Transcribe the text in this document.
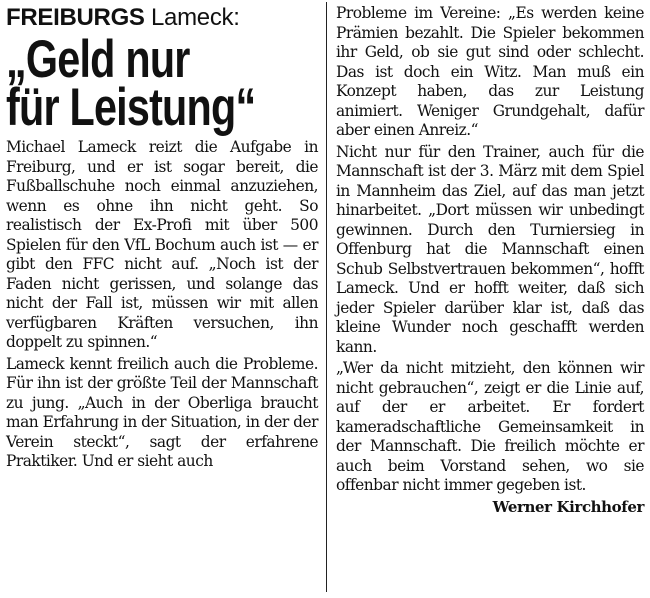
FREIBURGS Lameck:
„Geld nur
für Leistung“

Michael Lameck reizt die Aufgabe in Freiburg, und er ist sogar bereit, die Fußballschuhe noch einmal anzuziehen, wenn es ohne ihn nicht geht. So realistisch der Ex-Profi mit über 500 Spielen für den VfL Bochum auch ist — er gibt den FFC nicht auf. „Noch ist der Faden nicht gerissen, und solange das nicht der Fall ist, müssen wir mit allen verfügbaren Kräften versuchen, ihn doppelt zu spinnen.“

Lameck kennt freilich auch die Probleme. Für ihn ist der größte Teil der Mannschaft zu jung. „Auch in der Oberliga braucht man Erfahrung in der Situation, in der der Verein steckt“, sagt der erfahrene Praktiker. Und er sieht auch

Probleme im Vereine: „Es werden keine Prämien bezahlt. Die Spieler bekommen ihr Geld, ob sie gut sind oder schlecht. Das ist doch ein Witz. Man muß ein Konzept haben, das zur Leistung animiert. Weniger Grundgehalt, dafür aber einen Anreiz.“

Nicht nur für den Trainer, auch für die Mannschaft ist der 3. März mit dem Spiel in Mannheim das Ziel, auf das man jetzt hinarbeitet. „Dort müssen wir unbedingt gewinnen. Durch den Turniersieg in Offenburg hat die Mannschaft einen Schub Selbstvertrauen bekommen“, hofft Lameck. Und er hofft weiter, daß sich jeder Spieler darüber klar ist, daß das kleine Wunder noch geschafft werden kann.

„Wer da nicht mitzieht, den können wir nicht gebrauchen“, zeigt er die Linie auf, auf der er arbeitet. Er fordert kameradschaftliche Gemeinsamkeit in der Mannschaft. Die freilich möchte er auch beim Vorstand sehen, wo sie offenbar nicht immer gegeben ist.

Werner Kirchhofer
